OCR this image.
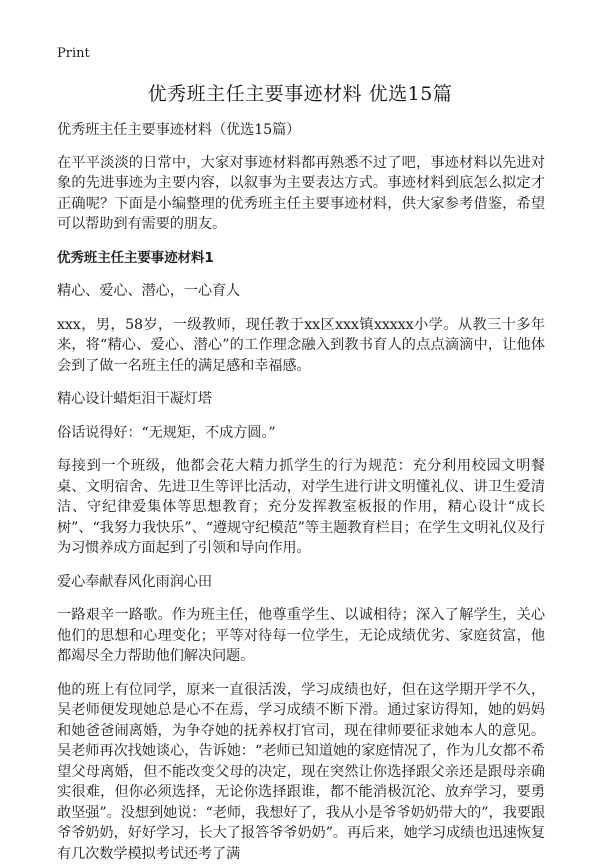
Print
优秀班主任主要事迹材料 优选15篇

优秀班主任主要事迹材料（优选15篇）

在平平淡淡的日常中，大家对事迹材料都再熟悉不过了吧，事迹材料以先进对象的先进事迹为主要内容，以叙事为主要表达方式。事迹材料到底怎么拟定才正确呢？下面是小编整理的优秀班主任主要事迹材料，供大家参考借鉴，希望可以帮助到有需要的朋友。

优秀班主任主要事迹材料1

精心、爱心、潜心，一心育人

xxx，男，58岁，一级教师，现任教于xx区xxx镇xxxxx小学。从教三十多年来，将“精心、爱心、潜心”的工作理念融入到教书育人的点点滴滴中，让他体会到了做一名班主任的满足感和幸福感。

精心设计蜡炬泪干凝灯塔

俗话说得好：“无规矩，不成方圆。”

每接到一个班级，他都会花大精力抓学生的行为规范：充分利用校园文明餐桌、文明宿舍、先进卫生等评比活动，对学生进行讲文明懂礼仪、讲卫生爱清洁、守纪律爱集体等思想教育；充分发挥教室板报的作用，精心设计“成长树”、“我努力我快乐”、“遵规守纪模范”等主题教育栏目；在学生文明礼仪及行为习惯养成方面起到了引领和导向作用。

爱心奉献春风化雨润心田

一路艰辛一路歌。作为班主任，他尊重学生、以诚相待；深入了解学生，关心他们的思想和心理变化；平等对待每一位学生，无论成绩优劣、家庭贫富，他都竭尽全力帮助他们解决问题。

他的班上有位同学，原来一直很活泼，学习成绩也好，但在这学期开学不久，吴老师便发现她总是心不在焉，学习成绩不断下滑。通过家访得知，她的妈妈和她爸爸闹离婚，为争夺她的抚养权打官司，现在律师要征求她本人的意见。吴老师再次找她谈心，告诉她：“老师已知道她的家庭情况了，作为儿女都不希望父母离婚，但不能改变父母的决定，现在突然让你选择跟父亲还是跟母亲确实很难，但你必须选择，无论你选择跟谁，都不能消极沉沦、放弃学习，要勇敢坚强”。没想到她说：“老师，我想好了，我从小是爷爷奶奶带大的”，我要跟爷爷奶奶，好好学习，长大了报答爷爷奶奶”。再后来，她学习成绩也迅速恢复有几次数学模拟考试还考了满
